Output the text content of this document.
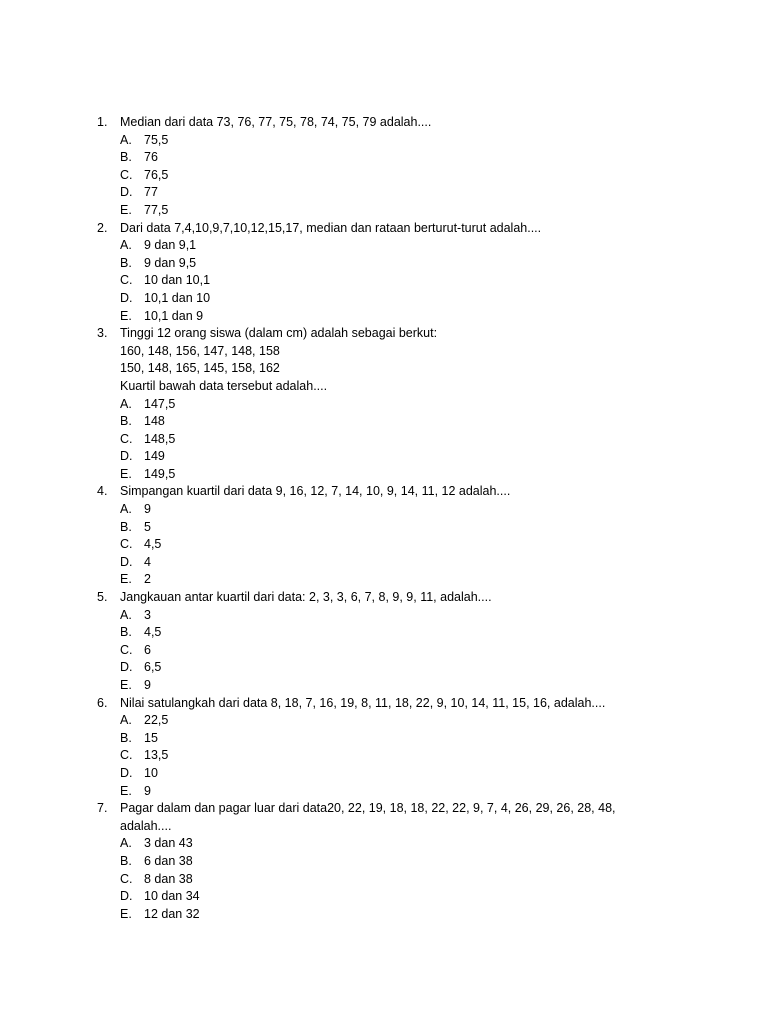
1. Median dari data 73, 76, 77, 75, 78, 74, 75, 79 adalah....
A. 75,5
B. 76
C. 76,5
D. 77
E. 77,5
2. Dari data 7,4,10,9,7,10,12,15,17, median dan rataan berturut-turut adalah....
A. 9 dan 9,1
B. 9 dan 9,5
C. 10 dan 10,1
D. 10,1 dan 10
E. 10,1 dan 9
3. Tinggi 12 orang siswa (dalam cm) adalah sebagai berkut:
160, 148, 156, 147, 148, 158
150, 148, 165, 145, 158, 162
Kuartil bawah data tersebut adalah....
A. 147,5
B. 148
C. 148,5
D. 149
E. 149,5
4. Simpangan kuartil dari data 9, 16, 12, 7, 14, 10, 9, 14, 11, 12 adalah....
A. 9
B. 5
C. 4,5
D. 4
E. 2
5. Jangkauan antar kuartil dari data: 2, 3, 3, 6, 7, 8, 9, 9, 11, adalah....
A. 3
B. 4,5
C. 6
D. 6,5
E. 9
6. Nilai satulangkah dari data 8, 18, 7, 16, 19, 8, 11, 18, 22, 9, 10, 14, 11, 15, 16, adalah....
A. 22,5
B. 15
C. 13,5
D. 10
E. 9
7. Pagar dalam dan pagar luar dari data20, 22, 19, 18, 18, 22, 22, 9, 7, 4, 26, 29, 26, 28, 48,
adalah....
A. 3 dan 43
B. 6 dan 38
C. 8 dan 38
D. 10 dan 34
E. 12 dan 32
